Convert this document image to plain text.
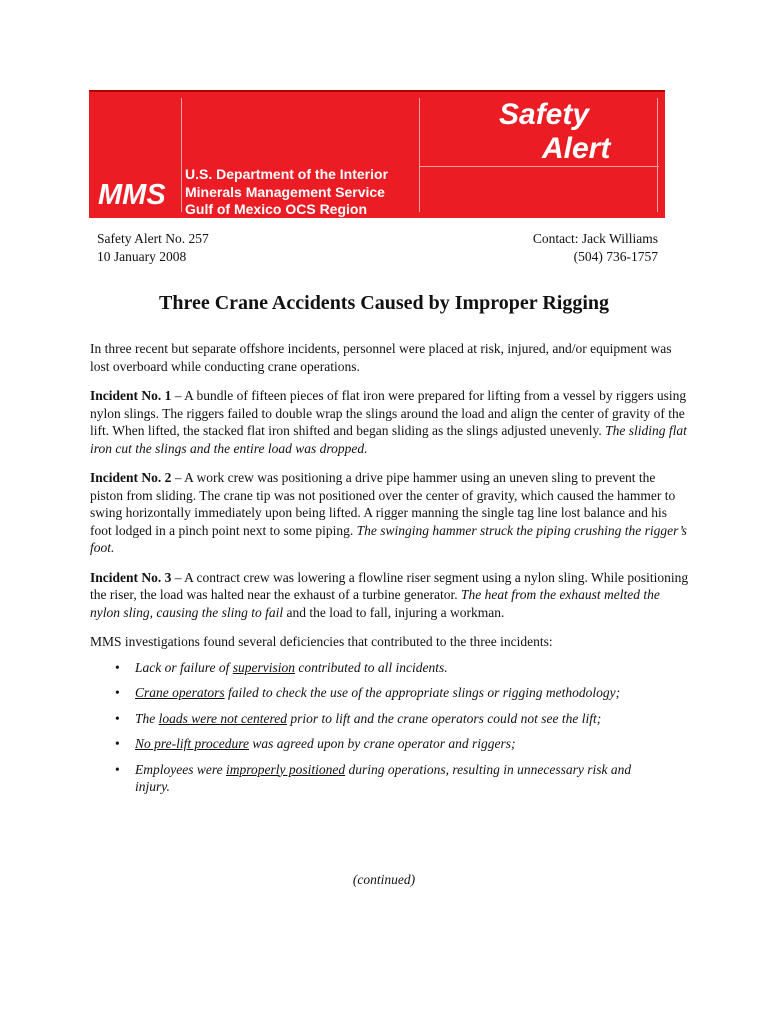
Safety
Alert
MMS
U.S. Department of the Interior
Minerals Management Service
Gulf of Mexico OCS Region
Safety Alert No. 257
10 January 2008
Contact: Jack Williams
(504) 736-1757
Three Crane Accidents Caused by Improper Rigging

In three recent but separate offshore incidents, personnel were placed at risk, injured, and/or equipment was lost overboard while conducting crane operations.

Incident No. 1 – A bundle of fifteen pieces of flat iron were prepared for lifting from a vessel by riggers using nylon slings. The riggers failed to double wrap the slings around the load and align the center of gravity of the lift. When lifted, the stacked flat iron shifted and began sliding as the slings adjusted unevenly. The sliding flat iron cut the slings and the entire load was dropped.

Incident No. 2 – A work crew was positioning a drive pipe hammer using an uneven sling to prevent the piston from sliding. The crane tip was not positioned over the center of gravity, which caused the hammer to swing horizontally immediately upon being lifted. A rigger manning the single tag line lost balance and his foot lodged in a pinch point next to some piping. The swinging hammer struck the piping crushing the rigger’s foot.

Incident No. 3 – A contract crew was lowering a flowline riser segment using a nylon sling. While positioning the riser, the load was halted near the exhaust of a turbine generator. The heat from the exhaust melted the nylon sling, causing the sling to fail and the load to fall, injuring a workman.

MMS investigations found several deficiencies that contributed to the three incidents:

• Lack or failure of supervision contributed to all incidents.
• Crane operators failed to check the use of the appropriate slings or rigging methodology;
• The loads were not centered prior to lift and the crane operators could not see the lift;
• No pre-lift procedure was agreed upon by crane operator and riggers;
• Employees were improperly positioned during operations, resulting in unnecessary risk and injury.
(continued)
